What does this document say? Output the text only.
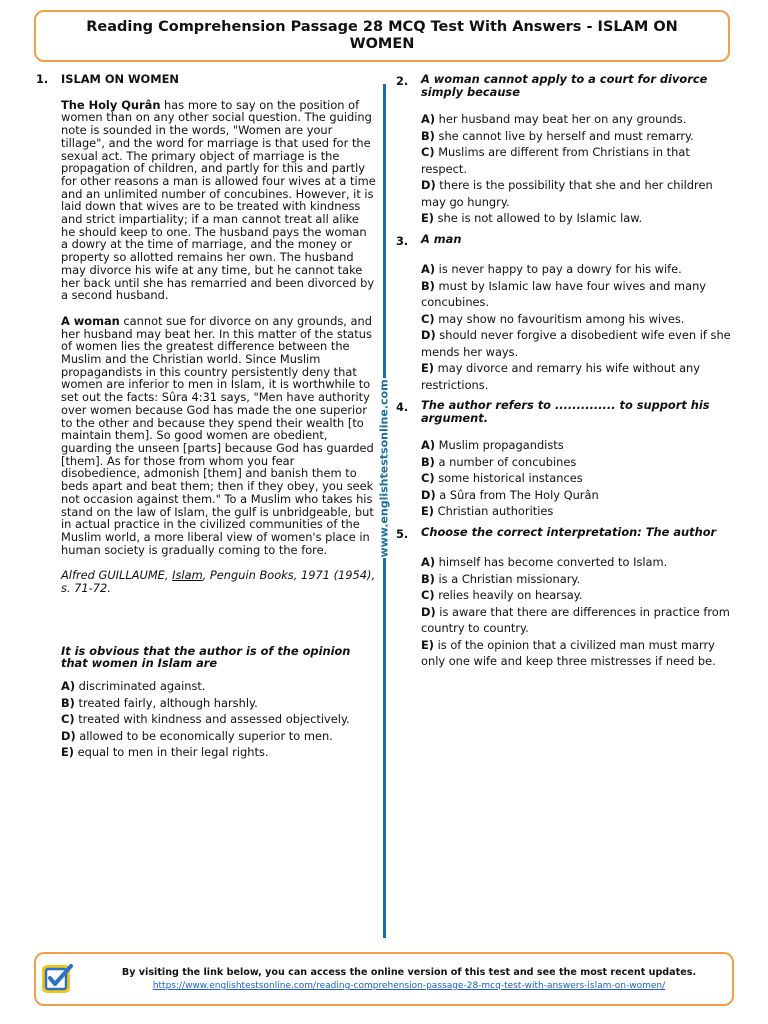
Reading Comprehension Passage 28 MCQ Test With Answers - ISLAM ON WOMEN
1.	ISLAM ON WOMEN

The Holy Qurân has more to say on the position of women than on any other social question. The guiding note is sounded in the words, "Women are your tillage", and the word for marriage is that used for the sexual act. The primary object of marriage is the propagation of children, and partly for this and partly for other reasons a man is allowed four wives at a time and an unlimited number of concubines. However, it is laid down that wives are to be treated with kindness and strict impartiality; if a man cannot treat all alike he should keep to one. The husband pays the woman a dowry at the time of marriage, and the money or property so allotted remains her own. The husband may divorce his wife at any time, but he cannot take her back until she has remarried and been divorced by a second husband.

A woman cannot sue for divorce on any grounds, and her husband may beat her. In this matter of the status of women lies the greatest difference between the Muslim and the Christian world. Since Muslim propagandists in this country persistently deny that women are inferior to men in Islam, it is worthwhile to set out the facts: Sûra 4:31 says, "Men have authority over women because God has made the one superior to the other and because they spend their wealth [to maintain them]. So good women are obedient, guarding the unseen [parts] because God has guarded [them]. As for those from whom you fear disobedience, admonish [them] and banish them to beds apart and beat them; then if they obey, you seek not occasion against them." To a Muslim who takes his stand on the law of Islam, the gulf is unbridgeable, but in actual practice in the civilized communities of the Muslim world, a more liberal view of women's place in human society is gradually coming to the fore.

Alfred GUILLAUME, Islam, Penguin Books, 1971 (1954), s. 71-72.

It is obvious that the author is of the opinion that women in Islam are

A) discriminated against.
B) treated fairly, although harshly.
C) treated with kindness and assessed objectively.
D) allowed to be economically superior to men.
E) equal to men in their legal rights.
www.englishtestsonline.com
2.	A woman cannot apply to a court for divorce simply because
A) her husband may beat her on any grounds.
B) she cannot live by herself and must remarry.
C) Muslims are different from Christians in that respect.
D) there is the possibility that she and her children may go hungry.
E) she is not allowed to by Islamic law.
3.	A man
A) is never happy to pay a dowry for his wife.
B) must by Islamic law have four wives and many concubines.
C) may show no favouritism among his wives.
D) should never forgive a disobedient wife even if she mends her ways.
E) may divorce and remarry his wife without any restrictions.
4.	The author refers to .............. to support his argument.
A) Muslim propagandists
B) a number of concubines
C) some historical instances
D) a Sûra from The Holy Qurân
E) Christian authorities
5.	Choose the correct interpretation: The author
A) himself has become converted to Islam.
B) is a Christian missionary.
C) relies heavily on hearsay.
D) is aware that there are differences in practice from country to country.
E) is of the opinion that a civilized man must marry only one wife and keep three mistresses if need be.
By visiting the link below, you can access the online version of this test and see the most recent updates.
https://www.englishtestsonline.com/reading-comprehension-passage-28-mcq-test-with-answers-islam-on-women/
